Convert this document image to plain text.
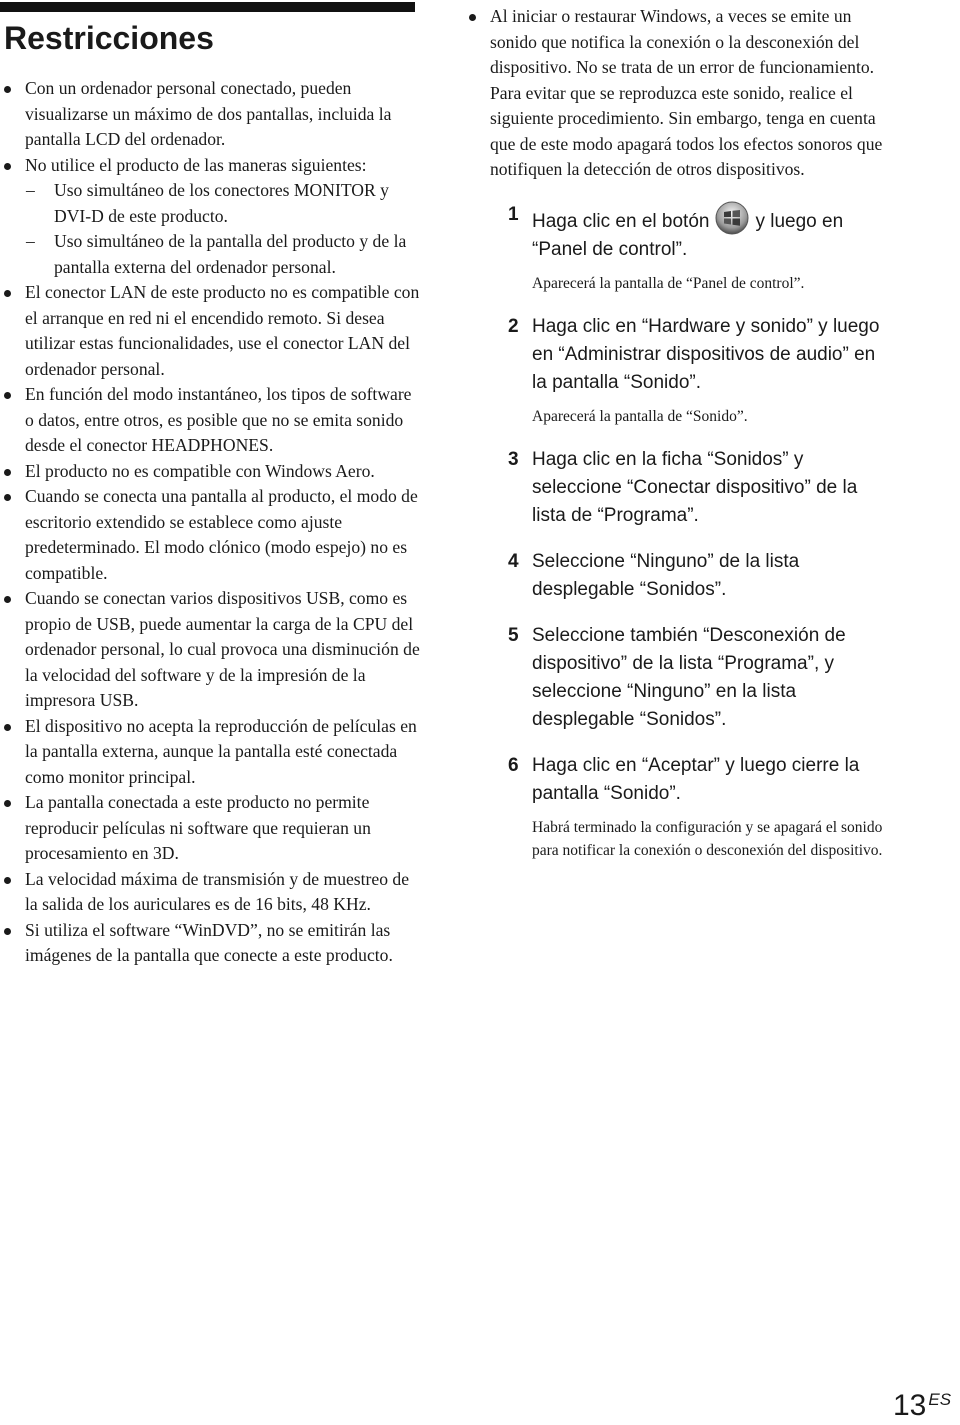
Restricciones
Con un ordenador personal conectado, pueden visualizarse un máximo de dos pantallas, incluida la pantalla LCD del ordenador.
No utilice el producto de las maneras siguientes:
– Uso simultáneo de los conectores MONITOR y DVI-D de este producto.
– Uso simultáneo de la pantalla del producto y de la pantalla externa del ordenador personal.
El conector LAN de este producto no es compatible con el arranque en red ni el encendido remoto. Si desea utilizar estas funcionalidades, use el conector LAN del ordenador personal.
En función del modo instantáneo, los tipos de software o datos, entre otros, es posible que no se emita sonido desde el conector HEADPHONES.
El producto no es compatible con Windows Aero.
Cuando se conecta una pantalla al producto, el modo de escritorio extendido se establece como ajuste predeterminado. El modo clónico (modo espejo) no es compatible.
Cuando se conectan varios dispositivos USB, como es propio de USB, puede aumentar la carga de la CPU del ordenador personal, lo cual provoca una disminución de la velocidad del software y de la impresión de la impresora USB.
El dispositivo no acepta la reproducción de películas en la pantalla externa, aunque la pantalla esté conectada como monitor principal.
La pantalla conectada a este producto no permite reproducir películas ni software que requieran un procesamiento en 3D.
La velocidad máxima de transmisión y de muestreo de la salida de los auriculares es de 16 bits, 48 KHz.
Si utiliza el software “WinDVD”, no se emitirán las imágenes de la pantalla que conecte a este producto.
Al iniciar o restaurar Windows, a veces se emite un sonido que notifica la conexión o la desconexión del dispositivo. No se trata de un error de funcionamiento. Para evitar que se reproduzca este sonido, realice el siguiente procedimiento. Sin embargo, tenga en cuenta que de este modo apagará todos los efectos sonoros que notifiquen la detección de otros dispositivos.
1 Haga clic en el botón y luego en “Panel de control”.
Aparecerá la pantalla de “Panel de control”.
2 Haga clic en “Hardware y sonido” y luego en “Administrar dispositivos de audio” en la pantalla “Sonido”.
Aparecerá la pantalla de “Sonido”.
3 Haga clic en la ficha “Sonidos” y seleccione “Conectar dispositivo” de la lista de “Programa”.
4 Seleccione “Ninguno” de la lista desplegable “Sonidos”.
5 Seleccione también “Desconexión de dispositivo” de la lista “Programa”, y seleccione “Ninguno” en la lista desplegable “Sonidos”.
6 Haga clic en “Aceptar” y luego cierre la pantalla “Sonido”.
Habrá terminado la configuración y se apagará el sonido para notificar la conexión o desconexión del dispositivo.
13 $^{ES}$
